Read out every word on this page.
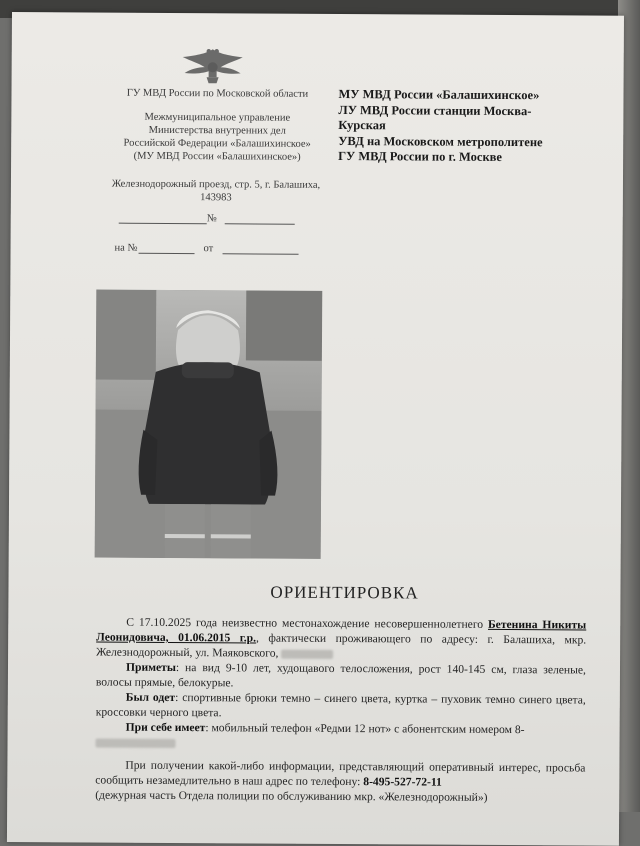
ГУ МВД России по Московской области
Межмуниципальное управление
Министерства внутренних дел
Российской Федерации «Балашихинское»
(МУ МВД России «Балашихинское»)
Железнодорожный проезд, стр. 5, г. Балашиха,
143983
№
на №	от
МУ МВД России «Балашихинское»
ЛУ МВД России станции Москва-
Курская
УВД на Московском метрополитене
ГУ МВД России по г. Москве
ОРИЕНТИРОВКА

С 17.10.2025 года неизвестно местонахождение несовершеннолетнего Бетенина Никиты Леонидовича, 01.06.2015 г.р., фактически проживающего по адресу: г. Балашиха, мкр. Железнодорожный, ул. Маяковского,

Приметы: на вид 9-10 лет, худощавого телосложения, рост 140-145 см, глаза зеленые, волосы прямые, белокурые.

Был одет: спортивные брюки темно – синего цвета, куртка – пуховик темно синего цвета, кроссовки черного цвета.

При себе имеет: мобильный телефон «Редми 12 нот» с абонентским номером 8-

При получении какой-либо информации, представляющий оперативный интерес, просьба сообщить незамедлительно в наш адрес по телефону: 8-495-527-72-11
(дежурная часть Отдела полиции по обслуживанию мкр. «Железнодорожный»)
